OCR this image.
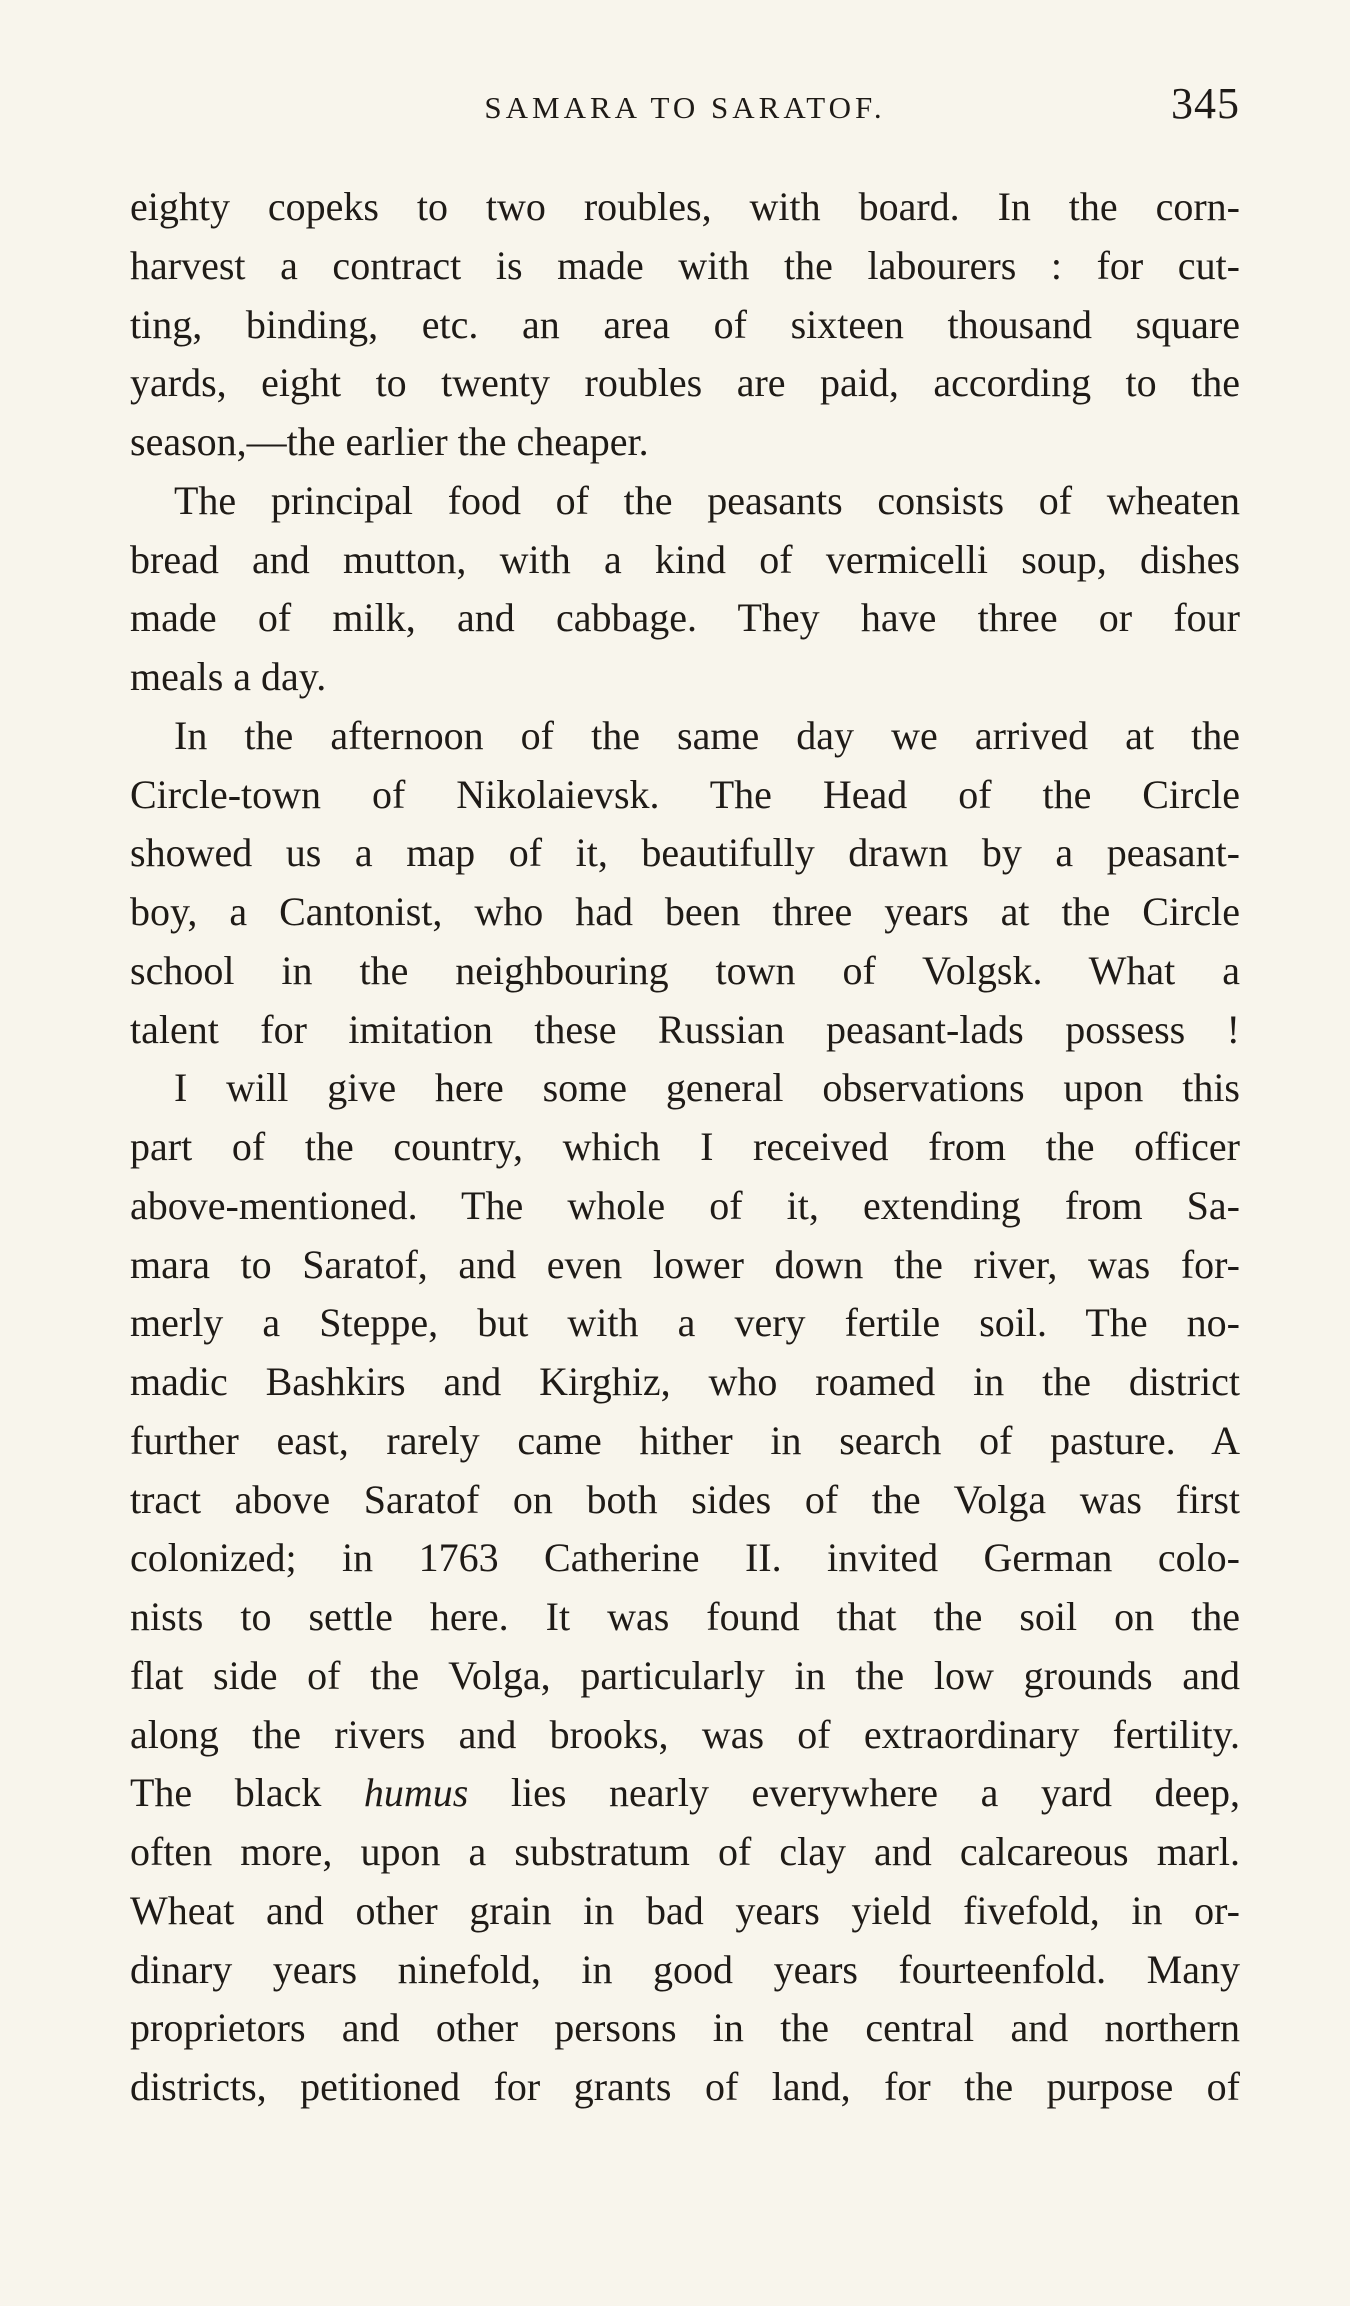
SAMARA TO SARATOF.	345
eighty copeks to two roubles, with board. In the corn-
harvest a contract is made with the labourers : for cut-
ting, binding, etc. an area of sixteen thousand square
yards, eight to twenty roubles are paid, according to the
season,—the earlier the cheaper.
The principal food of the peasants consists of wheaten
bread and mutton, with a kind of vermicelli soup, dishes
made of milk, and cabbage. They have three or four
meals a day.
In the afternoon of the same day we arrived at the
Circle-town of Nikolaievsk. The Head of the Circle
showed us a map of it, beautifully drawn by a peasant-
boy, a Cantonist, who had been three years at the Circle
school in the neighbouring town of Volgsk. What a
talent for imitation these Russian peasant-lads possess !
I will give here some general observations upon this
part of the country, which I received from the officer
above-mentioned. The whole of it, extending from Sa-
mara to Saratof, and even lower down the river, was for-
merly a Steppe, but with a very fertile soil. The no-
madic Bashkirs and Kirghiz, who roamed in the district
further east, rarely came hither in search of pasture. A
tract above Saratof on both sides of the Volga was first
colonized; in 1763 Catherine II. invited German colo-
nists to settle here. It was found that the soil on the
flat side of the Volga, particularly in the low grounds and
along the rivers and brooks, was of extraordinary fertility.
The black humus lies nearly everywhere a yard deep,
often more, upon a substratum of clay and calcareous marl.
Wheat and other grain in bad years yield fivefold, in or-
dinary years ninefold, in good years fourteenfold. Many
proprietors and other persons in the central and northern
districts, petitioned for grants of land, for the purpose of
